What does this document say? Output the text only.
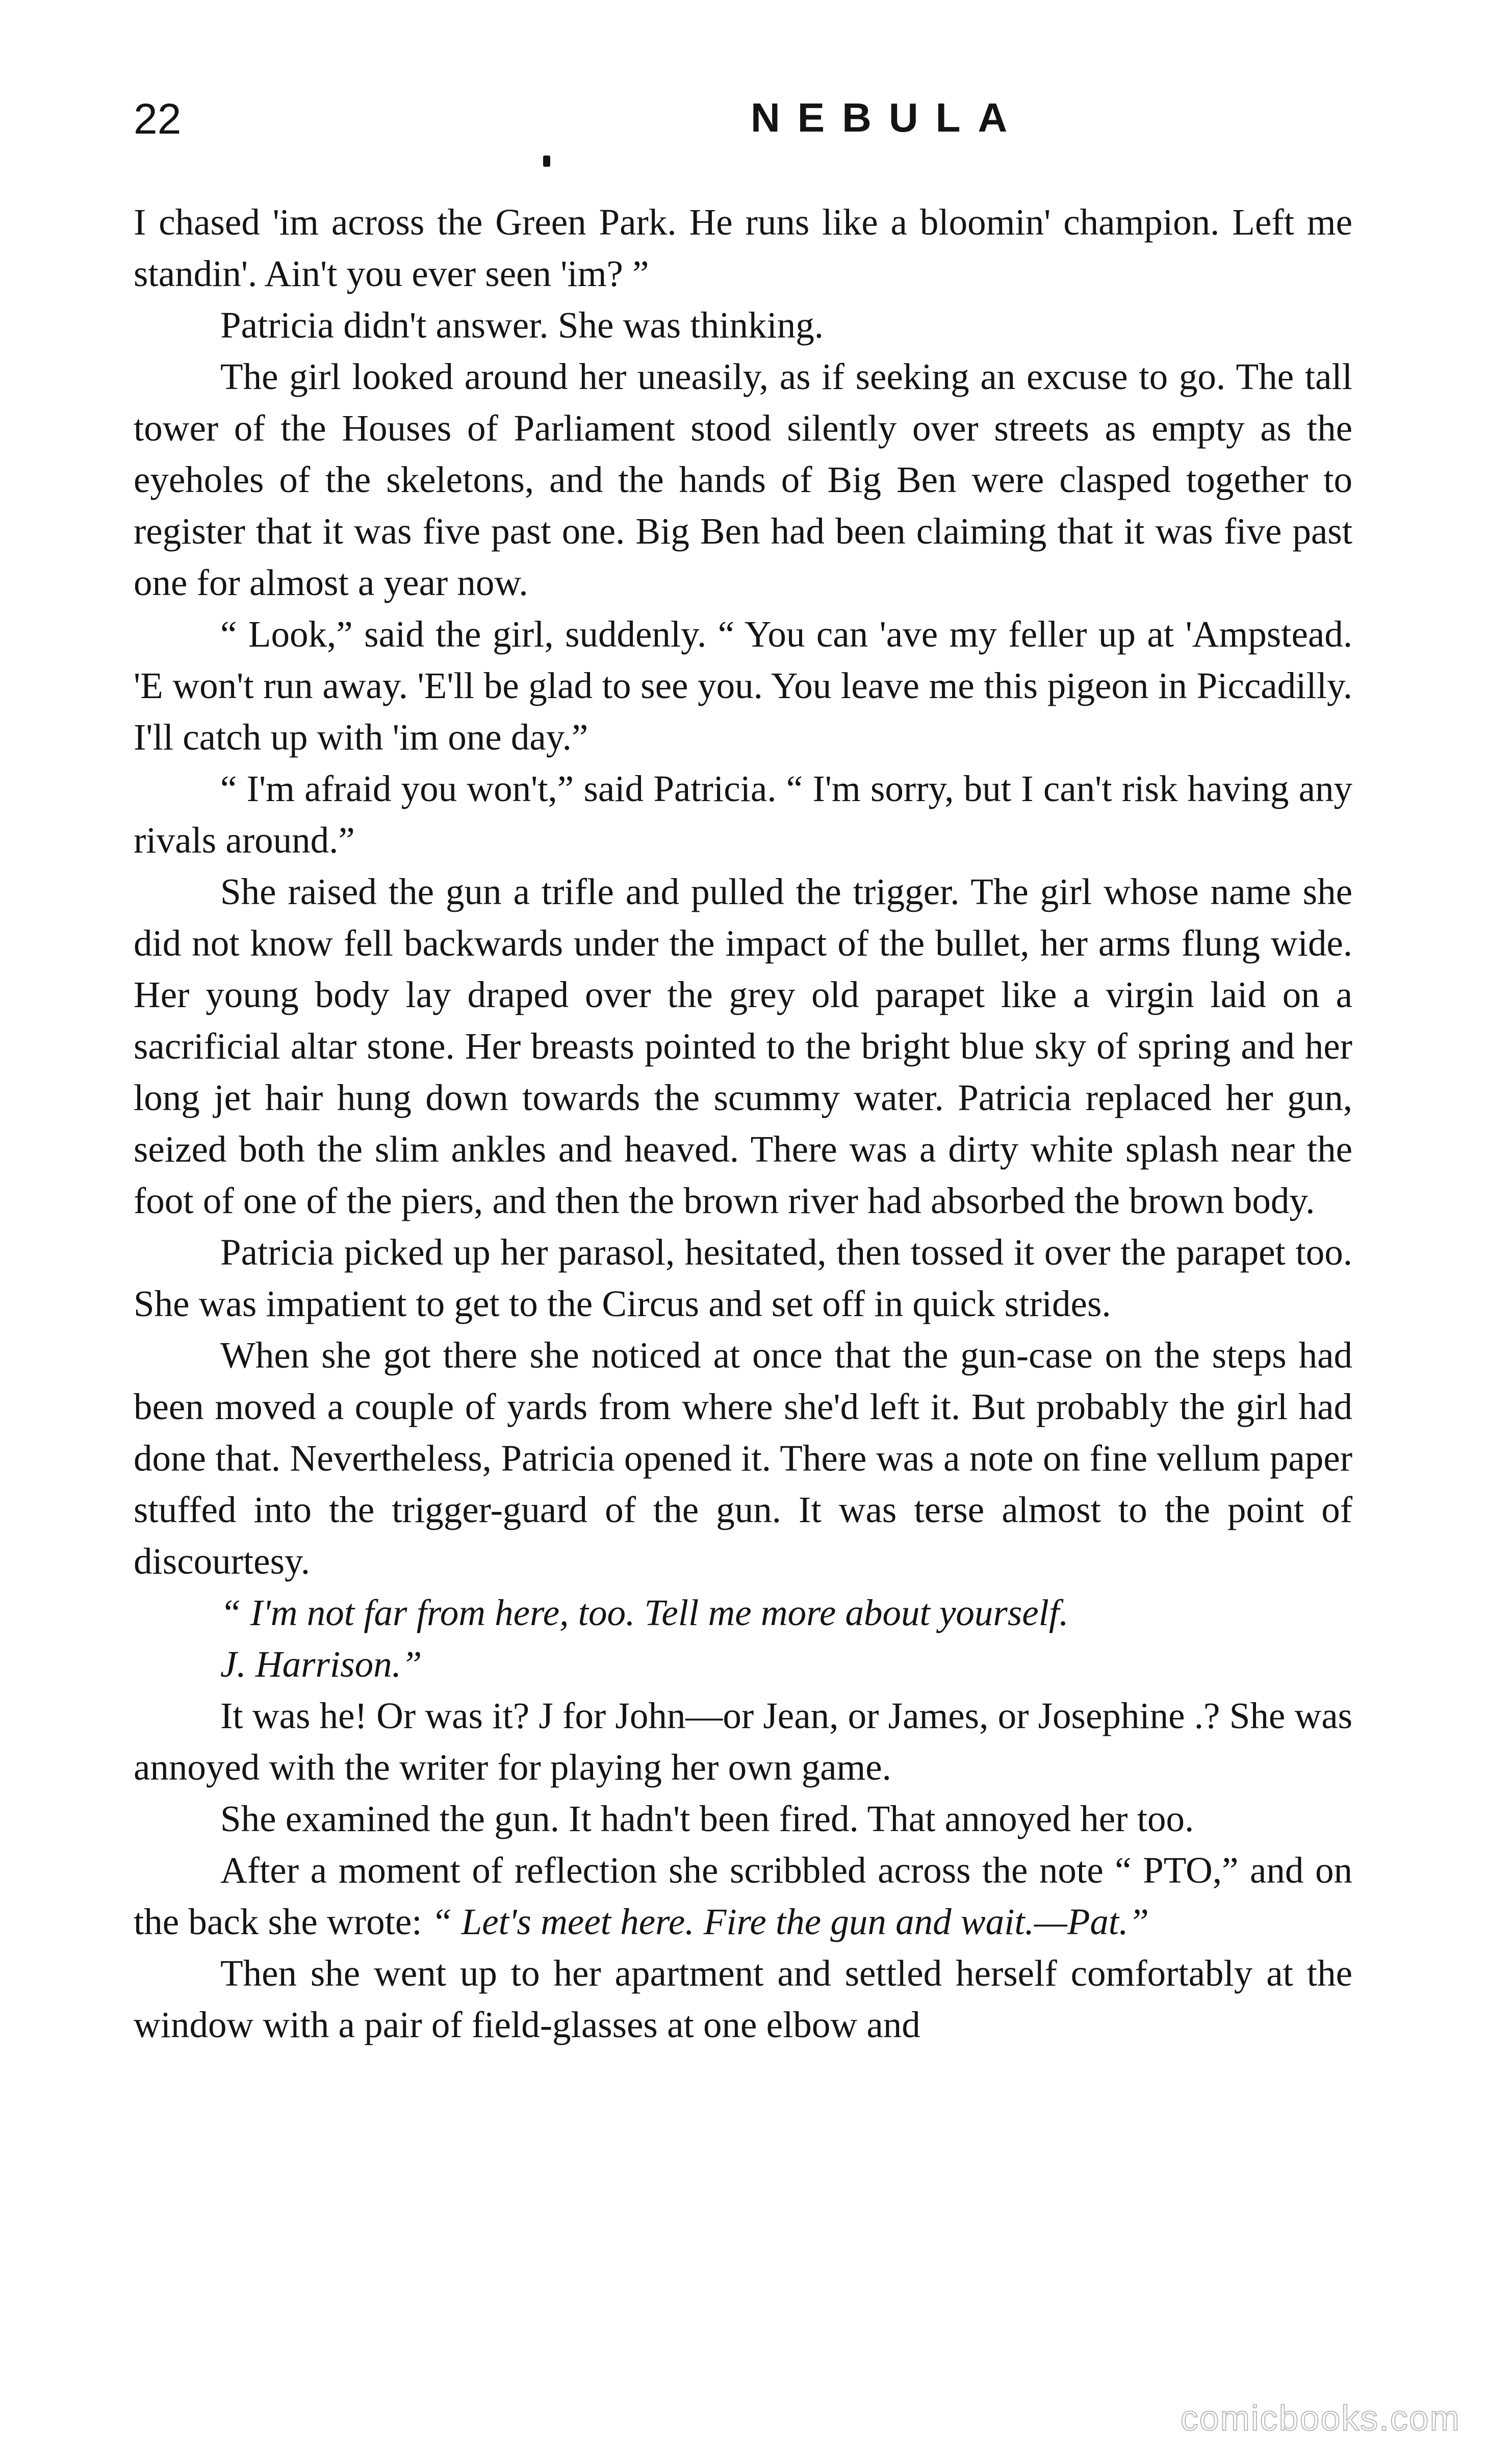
22	NEBULA

I chased 'im across the Green Park. He runs like a bloomin' champion. Left me standin'. Ain't you ever seen 'im? ”

Patricia didn't answer. She was thinking.

The girl looked around her uneasily, as if seeking an excuse to go. The tall tower of the Houses of Parliament stood silently over streets as empty as the eyeholes of the skeletons, and the hands of Big Ben were clasped together to register that it was five past one. Big Ben had been claiming that it was five past one for almost a year now.

“ Look,” said the girl, suddenly. “ You can 'ave my feller up at 'Ampstead. 'E won't run away. 'E'll be glad to see you. You leave me this pigeon in Piccadilly. I'll catch up with 'im one day.”

“ I'm afraid you won't,” said Patricia. “ I'm sorry, but I can't risk having any rivals around.”

She raised the gun a trifle and pulled the trigger. The girl whose name she did not know fell backwards under the impact of the bullet, her arms flung wide. Her young body lay draped over the grey old parapet like a virgin laid on a sacrificial altar stone. Her breasts pointed to the bright blue sky of spring and her long jet hair hung down towards the scummy water. Patricia replaced her gun, seized both the slim ankles and heaved. There was a dirty white splash near the foot of one of the piers, and then the brown river had absorbed the brown body.

Patricia picked up her parasol, hesitated, then tossed it over the parapet too. She was impatient to get to the Circus and set off in quick strides.

When she got there she noticed at once that the gun-case on the steps had been moved a couple of yards from where she'd left it. But probably the girl had done that. Nevertheless, Patricia opened it. There was a note on fine vellum paper stuffed into the trigger-guard of the gun. It was terse almost to the point of discourtesy.

“ I'm not far from here, too. Tell me more about yourself.

J. Harrison.”

It was he! Or was it? J for John—or Jean, or James, or Josephine .? She was annoyed with the writer for playing her own game.

She examined the gun. It hadn't been fired. That annoyed her too.

After a moment of reflection she scribbled across the note “ PTO,” and on the back she wrote: “ Let's meet here. Fire the gun and wait.—Pat.”

Then she went up to her apartment and settled herself comfortably at the window with a pair of field-glasses at one elbow and

comicbooks.com
